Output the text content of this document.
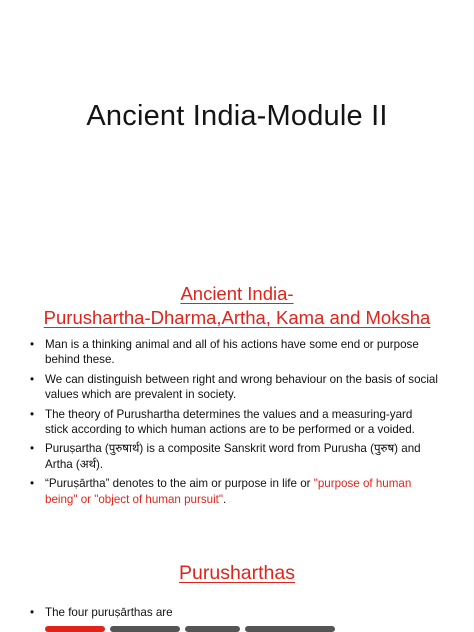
Ancient India-Module II
Ancient India-
Purushartha-Dharma,Artha, Kama and Moksha
• Man is a thinking animal and all of his actions have some end or purpose behind these.
• We can distinguish between right and wrong behaviour on the basis of social values which are prevalent in society.
• The theory of Purushartha determines the values and a measuring-yard stick according to which human actions are to be performed or a voided.
• Puruṣartha (पुरुषार्थ) is a composite Sanskrit word from Purusha (पुरुष) and Artha (अर्थ).
• “Puruṣārtha” denotes to the aim or purpose in life or "purpose of human being" or "object of human pursuit".
Purusharthas
• The four puruṣārthas are
